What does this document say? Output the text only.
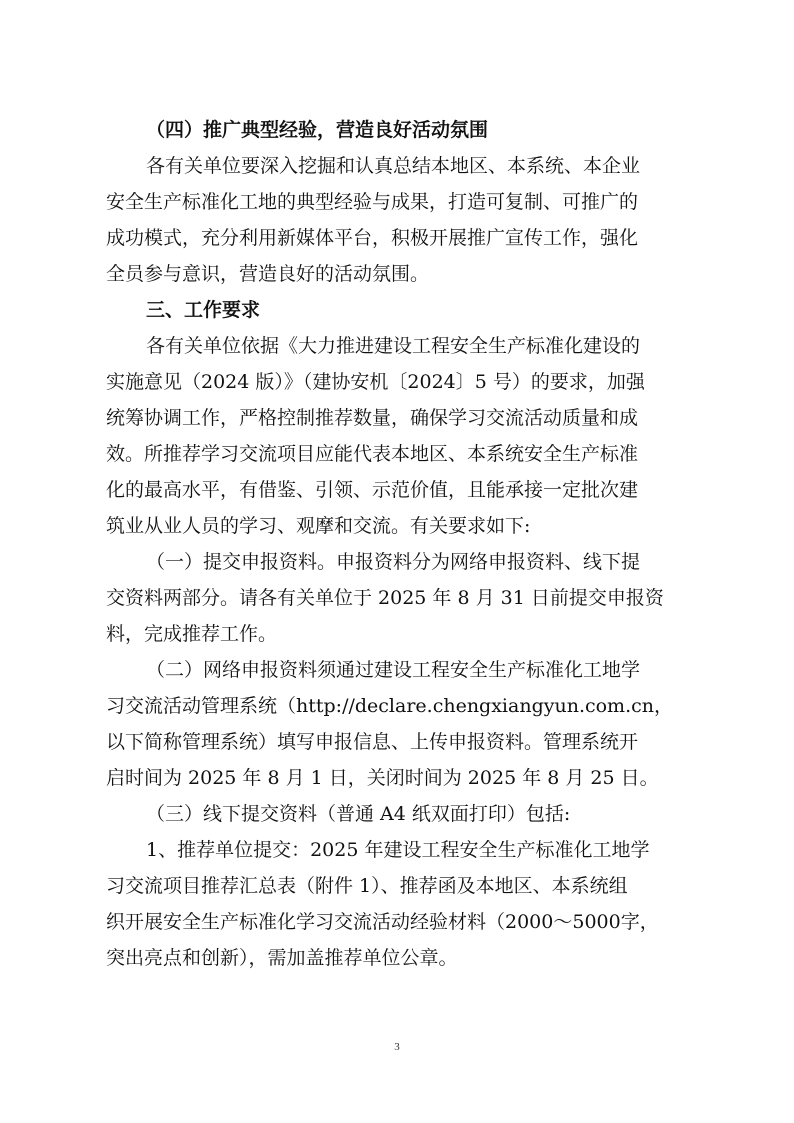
（四）推广典型经验，营造良好活动氛围
各有关单位要深入挖掘和认真总结本地区、本系统、本企业
安全生产标准化工地的典型经验与成果，打造可复制、可推广的
成功模式，充分利用新媒体平台，积极开展推广宣传工作，强化
全员参与意识，营造良好的活动氛围。
三、工作要求
各有关单位依据《大力推进建设工程安全生产标准化建设的
实施意见（2024 版）》（建协安机〔2024〕5 号）的要求，加强
统筹协调工作，严格控制推荐数量，确保学习交流活动质量和成
效。所推荐学习交流项目应能代表本地区、本系统安全生产标准
化的最高水平，有借鉴、引领、示范价值，且能承接一定批次建
筑业从业人员的学习、观摩和交流。有关要求如下:
（一）提交申报资料。申报资料分为网络申报资料、线下提
交资料两部分。请各有关单位于 2025 年 8 月 31 日前提交申报资
料，完成推荐工作。
（二）网络申报资料须通过建设工程安全生产标准化工地学
习交流活动管理系统（http://declare.chengxiangyun.com.cn，
以下简称管理系统）填写申报信息、上传申报资料。管理系统开
启时间为 2025 年 8 月 1 日，关闭时间为 2025 年 8 月 25 日。
（三）线下提交资料（普通 A4 纸双面打印）包括:
1、推荐单位提交：2025 年建设工程安全生产标准化工地学
习交流项目推荐汇总表（附件 1）、推荐函及本地区、本系统组
织开展安全生产标准化学习交流活动经验材料（2000～5000字，
突出亮点和创新），需加盖推荐单位公章。
3
